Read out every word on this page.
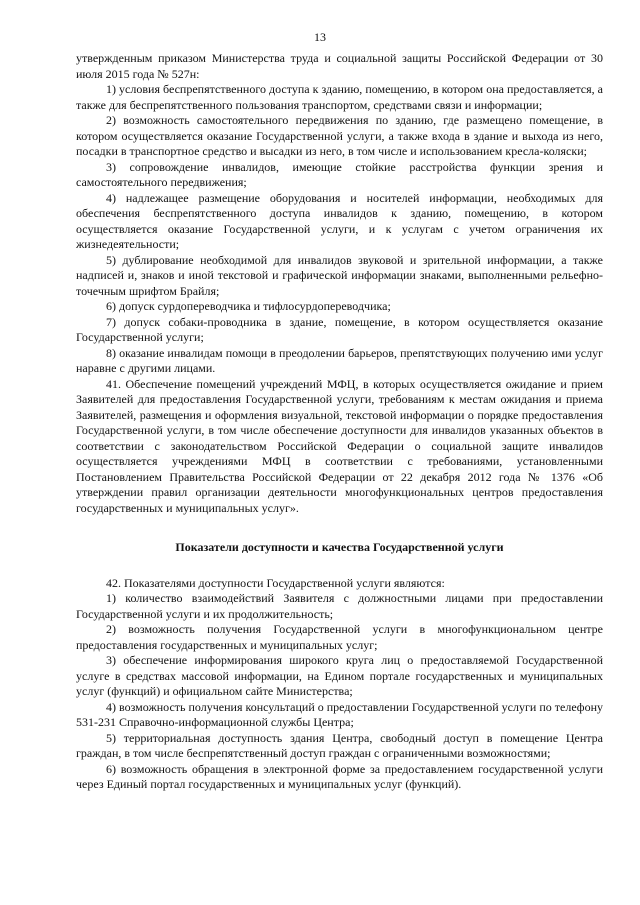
13

утвержденным приказом Министерства труда и социальной защиты Российской Федерации от 30 июля 2015 года № 527н:

1) условия беспрепятственного доступа к зданию, помещению, в котором она предоставляется, а также для беспрепятственного пользования транспортом, средствами связи и информации;

2) возможность самостоятельного передвижения по зданию, где размещено помещение, в котором осуществляется оказание Государственной услуги, а также входа в здание и выхода из него, посадки в транспортное средство и высадки из него, в том числе и использованием кресла-коляски;

3) сопровождение инвалидов, имеющие стойкие расстройства функции зрения и самостоятельного передвижения;

4) надлежащее размещение оборудования и носителей информации, необходимых для обеспечения беспрепятственного доступа инвалидов к зданию, помещению, в котором осуществляется оказание Государственной услуги, и к услугам с учетом ограничения их жизнедеятельности;

5) дублирование необходимой для инвалидов звуковой и зрительной информации, а также надписей и, знаков и иной текстовой и графической информации знаками, выполненными рельефно-точечным шрифтом Брайля;

6) допуск сурдопереводчика и тифлосурдопереводчика;

7) допуск собаки-проводника в здание, помещение, в котором осуществляется оказание Государственной услуги;

8) оказание инвалидам помощи в преодолении барьеров, препятствующих получению ими услуг наравне с другими лицами.

41. Обеспечение помещений учреждений МФЦ, в которых осуществляется ожидание и прием Заявителей для предоставления Государственной услуги, требованиям к местам ожидания и приема Заявителей, размещения и оформления визуальной, текстовой информации о порядке предоставления Государственной услуги, в том числе обеспечение доступности для инвалидов указанных объектов в соответствии с законодательством Российской Федерации о социальной защите инвалидов осуществляется учреждениями МФЦ в соответствии с требованиями, установленными Постановлением Правительства Российской Федерации от 22 декабря 2012 года № 1376 «Об утверждении правил организации деятельности многофункциональных центров предоставления государственных и муниципальных услуг».

Показатели доступности и качества Государственной услуги

42. Показателями доступности Государственной услуги являются:

1) количество взаимодействий Заявителя с должностными лицами при предоставлении Государственной услуги и их продолжительность;

2) возможность получения Государственной услуги в многофункциональном центре предоставления государственных и муниципальных услуг;

3) обеспечение информирования широкого круга лиц о предоставляемой Государственной услуге в средствах массовой информации, на Едином портале государственных и муниципальных услуг (функций) и официальном сайте Министерства;

4) возможность получения консультаций о предоставлении Государственной услуги по телефону 531-231 Справочно-информационной службы Центра;

5) территориальная доступность здания Центра, свободный доступ в помещение Центра граждан, в том числе беспрепятственный доступ граждан с ограниченными возможностями;

6) возможность обращения в электронной форме за предоставлением государственной услуги через Единый портал государственных и муниципальных услуг (функций).
